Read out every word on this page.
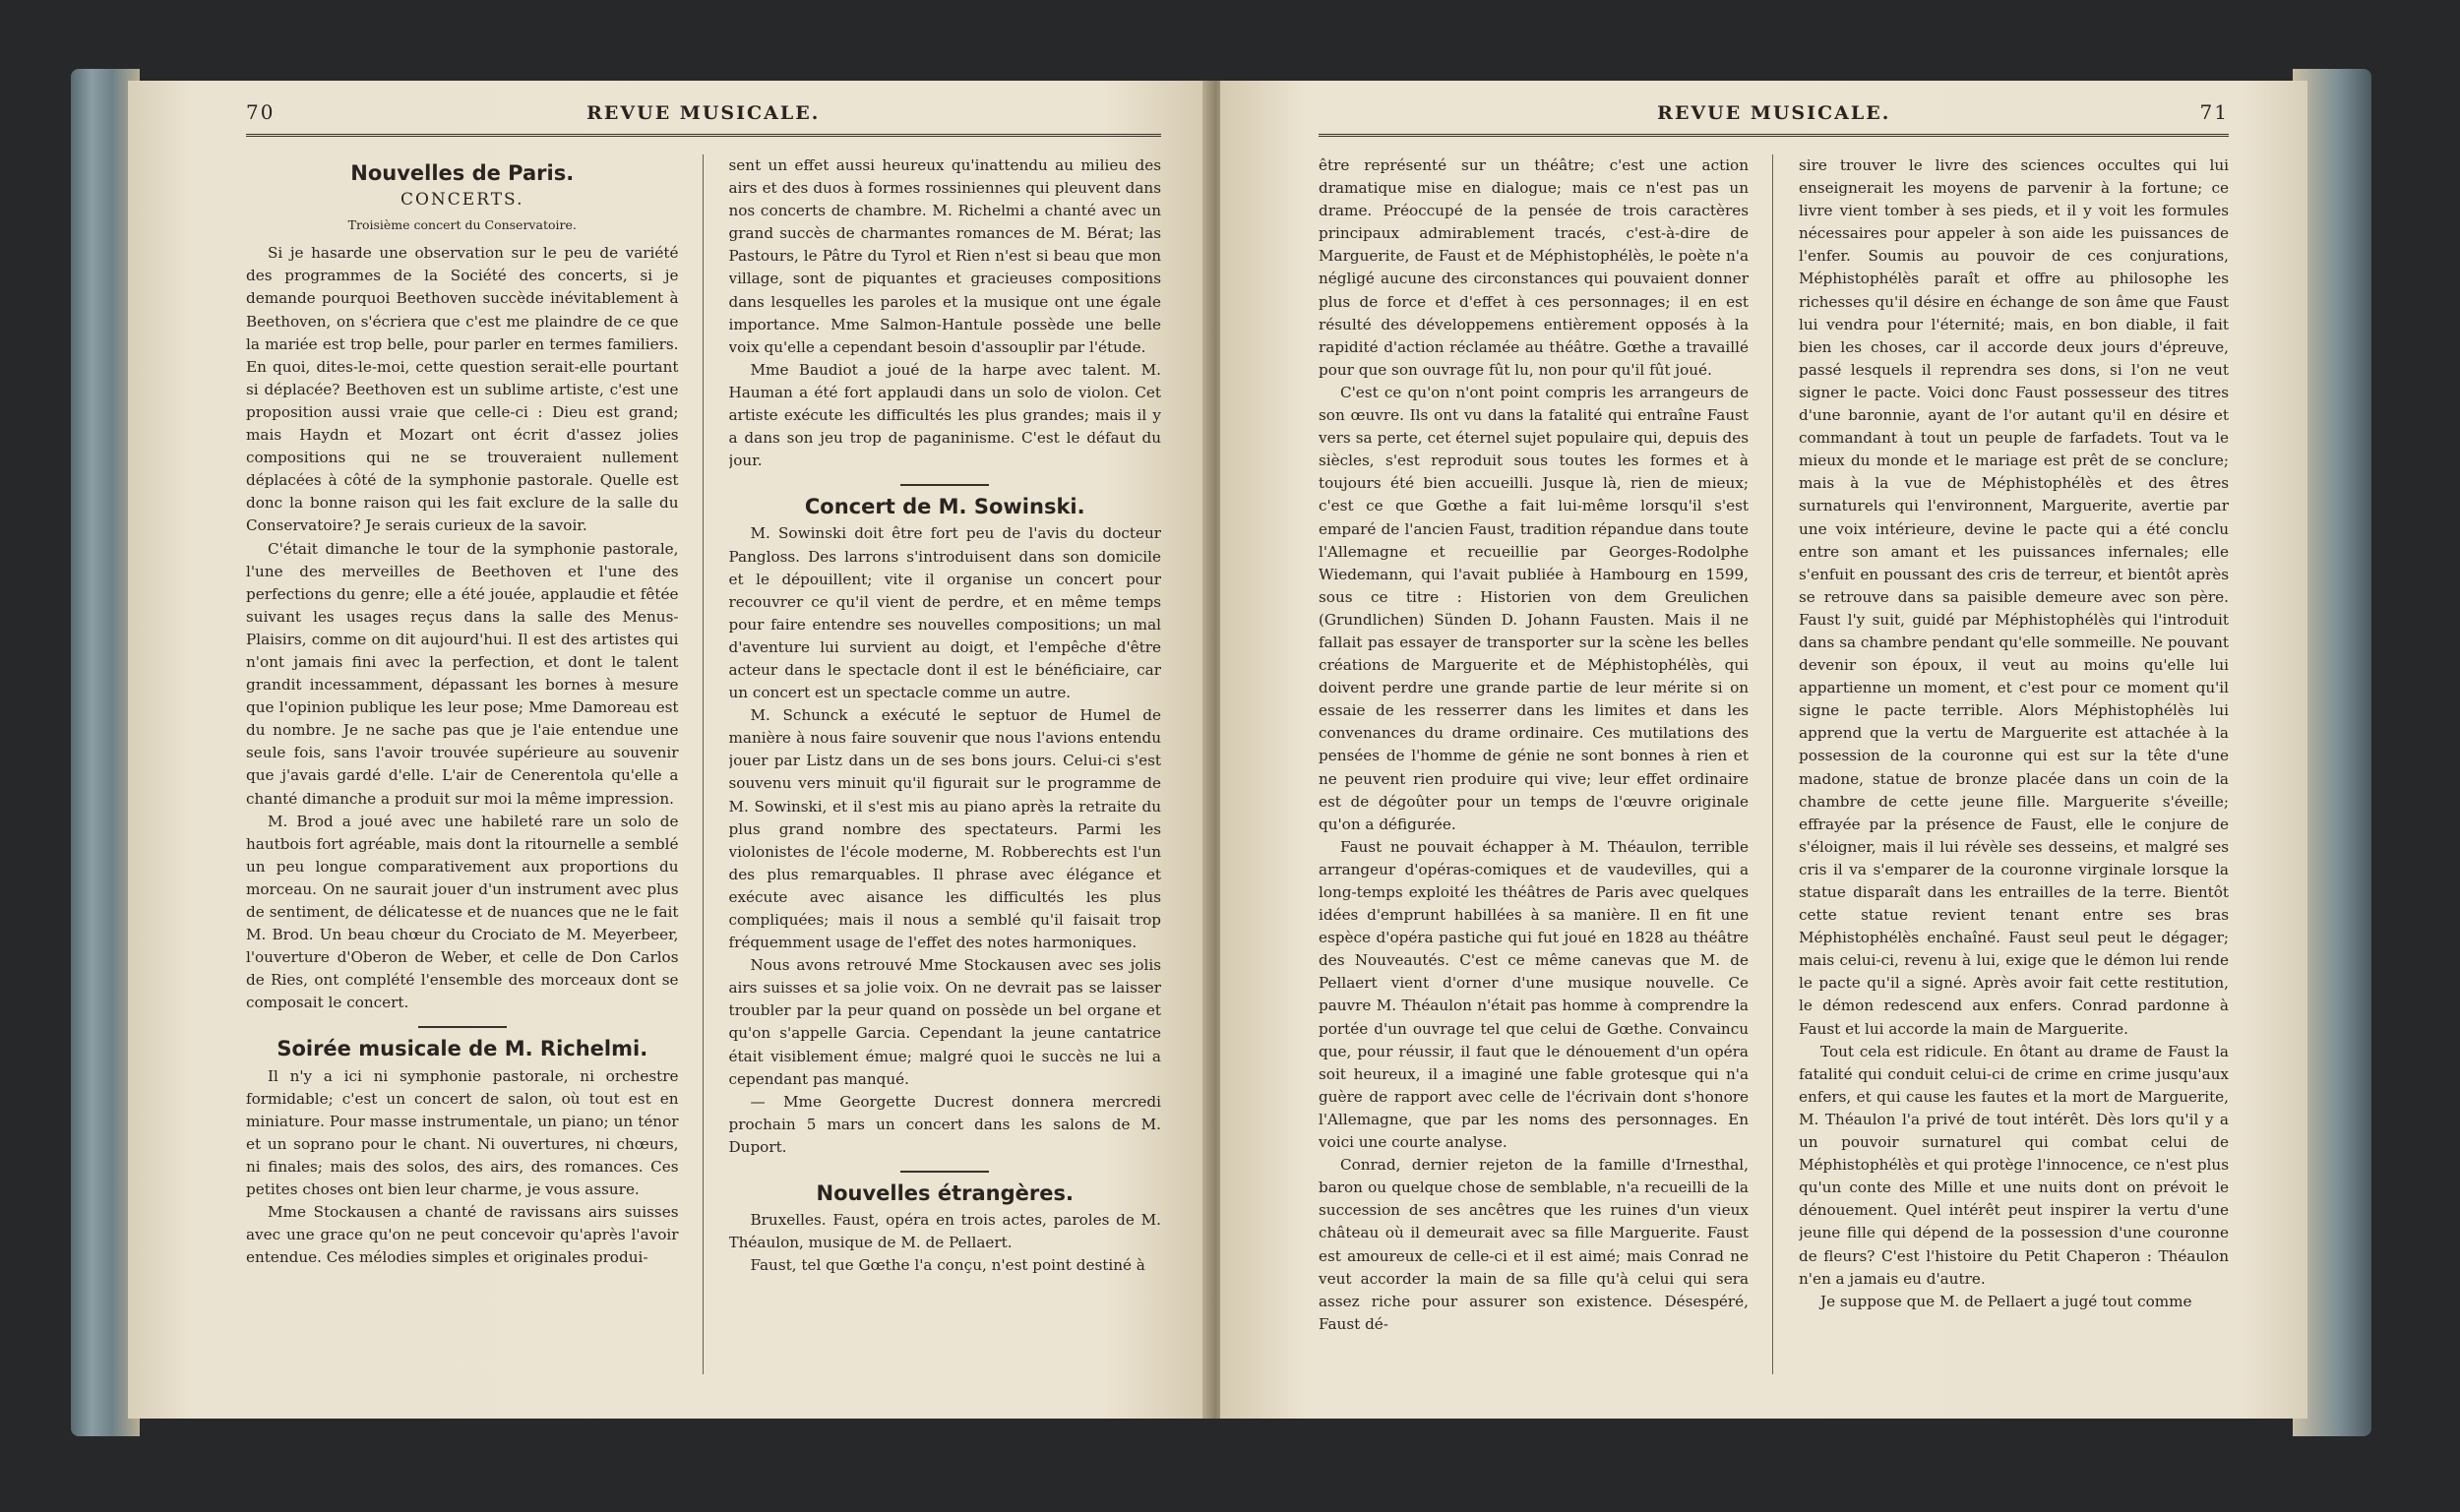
70	REVUE MUSICALE.
Nouvelles de Paris.
CONCERTS.
Troisième concert du Conservatoire.

Si je hasarde une observation sur le peu de variété des programmes de la Société des concerts, si je demande pourquoi Beethoven succède inévitablement à Beethoven, on s'écriera que c'est me plaindre de ce que la mariée est trop belle, pour parler en termes familiers. En quoi, dites-le-moi, cette question serait-elle pourtant si déplacée? Beethoven est un sublime artiste, c'est une proposition aussi vraie que celle-ci : Dieu est grand; mais Haydn et Mozart ont écrit d'assez jolies compositions qui ne se trouveraient nullement déplacées à côté de la symphonie pastorale. Quelle est donc la bonne raison qui les fait exclure de la salle du Conservatoire? Je serais curieux de la savoir.

C'était dimanche le tour de la symphonie pastorale, l'une des merveilles de Beethoven et l'une des perfections du genre; elle a été jouée, applaudie et fêtée suivant les usages reçus dans la salle des Menus-Plaisirs, comme on dit aujourd'hui. Il est des artistes qui n'ont jamais fini avec la perfection, et dont le talent grandit incessamment, dépassant les bornes à mesure que l'opinion publique les leur pose; Mme Damoreau est du nombre. Je ne sache pas que je l'aie entendue une seule fois, sans l'avoir trouvée supérieure au souvenir que j'avais gardé d'elle. L'air de Cenerentola qu'elle a chanté dimanche a produit sur moi la même impression.

M. Brod a joué avec une habileté rare un solo de hautbois fort agréable, mais dont la ritournelle a semblé un peu longue comparativement aux proportions du morceau. On ne saurait jouer d'un instrument avec plus de sentiment, de délicatesse et de nuances que ne le fait M. Brod. Un beau chœur du Crociato de M. Meyerbeer, l'ouverture d'Oberon de Weber, et celle de Don Carlos de Ries, ont complété l'ensemble des morceaux dont se composait le concert.

Soirée musicale de M. Richelmi.

Il n'y a ici ni symphonie pastorale, ni orchestre formidable; c'est un concert de salon, où tout est en miniature. Pour masse instrumentale, un piano; un ténor et un soprano pour le chant. Ni ouvertures, ni chœurs, ni finales; mais des solos, des airs, des romances. Ces petites choses ont bien leur charme, je vous assure.

Mme Stockausen a chanté de ravissans airs suisses avec une grace qu'on ne peut concevoir qu'après l'avoir entendue. Ces mélodies simples et originales produi-

sent un effet aussi heureux qu'inattendu au milieu des airs et des duos à formes rossiniennes qui pleuvent dans nos concerts de chambre. M. Richelmi a chanté avec un grand succès de charmantes romances de M. Bérat; las Pastours, le Pâtre du Tyrol et Rien n'est si beau que mon village, sont de piquantes et gracieuses compositions dans lesquelles les paroles et la musique ont une égale importance. Mme Salmon-Hantule possède une belle voix qu'elle a cependant besoin d'assouplir par l'étude.

Mme Baudiot a joué de la harpe avec talent. M. Hauman a été fort applaudi dans un solo de violon. Cet artiste exécute les difficultés les plus grandes; mais il y a dans son jeu trop de paganinisme. C'est le défaut du jour.

Concert de M. Sowinski.

M. Sowinski doit être fort peu de l'avis du docteur Pangloss. Des larrons s'introduisent dans son domicile et le dépouillent; vite il organise un concert pour recouvrer ce qu'il vient de perdre, et en même temps pour faire entendre ses nouvelles compositions; un mal d'aventure lui survient au doigt, et l'empêche d'être acteur dans le spectacle dont il est le bénéficiaire, car un concert est un spectacle comme un autre.

M. Schunck a exécuté le septuor de Humel de manière à nous faire souvenir que nous l'avions entendu jouer par Listz dans un de ses bons jours. Celui-ci s'est souvenu vers minuit qu'il figurait sur le programme de M. Sowinski, et il s'est mis au piano après la retraite du plus grand nombre des spectateurs. Parmi les violonistes de l'école moderne, M. Robberechts est l'un des plus remarquables. Il phrase avec élégance et exécute avec aisance les difficultés les plus compliquées; mais il nous a semblé qu'il faisait trop fréquemment usage de l'effet des notes harmoniques.

Nous avons retrouvé Mme Stockausen avec ses jolis airs suisses et sa jolie voix. On ne devrait pas se laisser troubler par la peur quand on possède un bel organe et qu'on s'appelle Garcia. Cependant la jeune cantatrice était visiblement émue; malgré quoi le succès ne lui a cependant pas manqué.

— Mme Georgette Ducrest donnera mercredi prochain 5 mars un concert dans les salons de M. Duport.

Nouvelles étrangères.

Bruxelles. Faust, opéra en trois actes, paroles de M. Théaulon, musique de M. de Pellaert.

Faust, tel que Gœthe l'a conçu, n'est point destiné à

REVUE MUSICALE.	71

être représenté sur un théâtre; c'est une action dramatique mise en dialogue; mais ce n'est pas un drame. Préoccupé de la pensée de trois caractères principaux admirablement tracés, c'est-à-dire de Marguerite, de Faust et de Méphistophélès, le poète n'a négligé aucune des circonstances qui pouvaient donner plus de force et d'effet à ces personnages; il en est résulté des développemens entièrement opposés à la rapidité d'action réclamée au théâtre. Gœthe a travaillé pour que son ouvrage fût lu, non pour qu'il fût joué.

C'est ce qu'on n'ont point compris les arrangeurs de son œuvre. Ils ont vu dans la fatalité qui entraîne Faust vers sa perte, cet éternel sujet populaire qui, depuis des siècles, s'est reproduit sous toutes les formes et à toujours été bien accueilli. Jusque là, rien de mieux; c'est ce que Gœthe a fait lui-même lorsqu'il s'est emparé de l'ancien Faust, tradition répandue dans toute l'Allemagne et recueillie par Georges-Rodolphe Wiedemann, qui l'avait publiée à Hambourg en 1599, sous ce titre : Historien von dem Greulichen (Grundlichen) Sünden D. Johann Fausten. Mais il ne fallait pas essayer de transporter sur la scène les belles créations de Marguerite et de Méphistophélès, qui doivent perdre une grande partie de leur mérite si on essaie de les resserrer dans les limites et dans les convenances du drame ordinaire. Ces mutilations des pensées de l'homme de génie ne sont bonnes à rien et ne peuvent rien produire qui vive; leur effet ordinaire est de dégoûter pour un temps de l'œuvre originale qu'on a défigurée.

Faust ne pouvait échapper à M. Théaulon, terrible arrangeur d'opéras-comiques et de vaudevilles, qui a long-temps exploité les théâtres de Paris avec quelques idées d'emprunt habillées à sa manière. Il en fit une espèce d'opéra pastiche qui fut joué en 1828 au théâtre des Nouveautés. C'est ce même canevas que M. de Pellaert vient d'orner d'une musique nouvelle. Ce pauvre M. Théaulon n'était pas homme à comprendre la portée d'un ouvrage tel que celui de Gœthe. Convaincu que, pour réussir, il faut que le dénouement d'un opéra soit heureux, il a imaginé une fable grotesque qui n'a guère de rapport avec celle de l'écrivain dont s'honore l'Allemagne, que par les noms des personnages. En voici une courte analyse.

Conrad, dernier rejeton de la famille d'Irnesthal, baron ou quelque chose de semblable, n'a recueilli de la succession de ses ancêtres que les ruines d'un vieux château où il demeurait avec sa fille Marguerite. Faust est amoureux de celle-ci et il est aimé; mais Conrad ne veut accorder la main de sa fille qu'à celui qui sera assez riche pour assurer son existence. Désespéré, Faust dé-

sire trouver le livre des sciences occultes qui lui enseignerait les moyens de parvenir à la fortune; ce livre vient tomber à ses pieds, et il y voit les formules nécessaires pour appeler à son aide les puissances de l'enfer. Soumis au pouvoir de ces conjurations, Méphistophélès paraît et offre au philosophe les richesses qu'il désire en échange de son âme que Faust lui vendra pour l'éternité; mais, en bon diable, il fait bien les choses, car il accorde deux jours d'épreuve, passé lesquels il reprendra ses dons, si l'on ne veut signer le pacte. Voici donc Faust possesseur des titres d'une baronnie, ayant de l'or autant qu'il en désire et commandant à tout un peuple de farfadets. Tout va le mieux du monde et le mariage est prêt de se conclure; mais à la vue de Méphistophélès et des êtres surnaturels qui l'environnent, Marguerite, avertie par une voix intérieure, devine le pacte qui a été conclu entre son amant et les puissances infernales; elle s'enfuit en poussant des cris de terreur, et bientôt après se retrouve dans sa paisible demeure avec son père. Faust l'y suit, guidé par Méphistophélès qui l'introduit dans sa chambre pendant qu'elle sommeille. Ne pouvant devenir son époux, il veut au moins qu'elle lui appartienne un moment, et c'est pour ce moment qu'il signe le pacte terrible. Alors Méphistophélès lui apprend que la vertu de Marguerite est attachée à la possession de la couronne qui est sur la tête d'une madone, statue de bronze placée dans un coin de la chambre de cette jeune fille. Marguerite s'éveille; effrayée par la présence de Faust, elle le conjure de s'éloigner, mais il lui révèle ses desseins, et malgré ses cris il va s'emparer de la couronne virginale lorsque la statue disparaît dans les entrailles de la terre. Bientôt cette statue revient tenant entre ses bras Méphistophélès enchaîné. Faust seul peut le dégager; mais celui-ci, revenu à lui, exige que le démon lui rende le pacte qu'il a signé. Après avoir fait cette restitution, le démon redescend aux enfers. Conrad pardonne à Faust et lui accorde la main de Marguerite.

Tout cela est ridicule. En ôtant au drame de Faust la fatalité qui conduit celui-ci de crime en crime jusqu'aux enfers, et qui cause les fautes et la mort de Marguerite, M. Théaulon l'a privé de tout intérêt. Dès lors qu'il y a un pouvoir surnaturel qui combat celui de Méphistophélès et qui protège l'innocence, ce n'est plus qu'un conte des Mille et une nuits dont on prévoit le dénouement. Quel intérêt peut inspirer la vertu d'une jeune fille qui dépend de la possession d'une couronne de fleurs? C'est l'histoire du Petit Chaperon : Théaulon n'en a jamais eu d'autre.

Je suppose que M. de Pellaert a jugé tout comme
